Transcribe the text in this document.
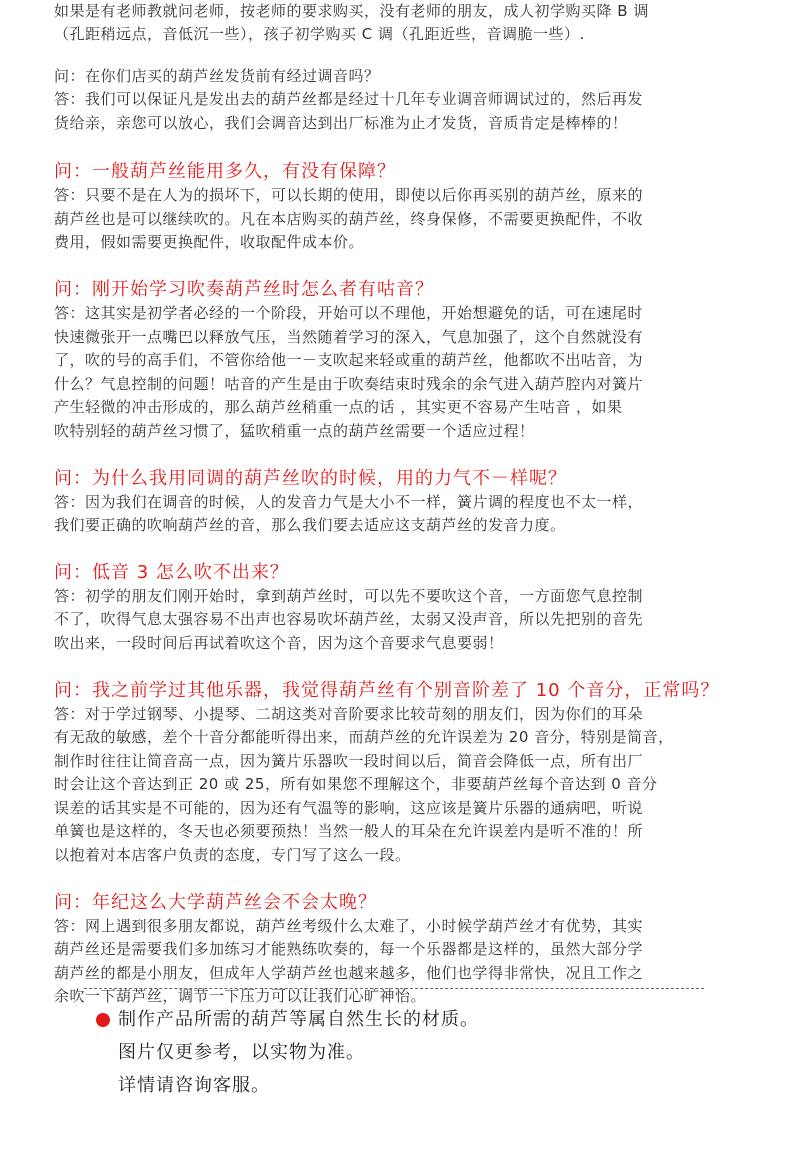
如果是有老师教就问老师，按老师的要求购买，没有老师的朋友，成人初学购买降 B 调
（孔距稍远点，音低沉一些），孩子初学购买 C 调（孔距近些，音调脆一些）.
问：在你们店买的葫芦丝发货前有经过调音吗？
答：我们可以保证凡是发出去的葫芦丝都是经过十几年专业调音师调试过的，然后再发
货给亲，亲您可以放心，我们会调音达到出厂标准为止才发货，音质肯定是棒棒的！
问：一般葫芦丝能用多久，有没有保障？
答：只要不是在人为的损坏下，可以长期的使用，即使以后你再买别的葫芦丝，原来的
葫芦丝也是可以继续吹的。凡在本店购买的葫芦丝，终身保修，不需要更换配件，不收
费用，假如需要更换配件，收取配件成本价。
问：刚开始学习吹奏葫芦丝时怎么者有咕音？
答：这其实是初学者必经的一个阶段，开始可以不理他，开始想避免的话，可在速尾时
快速微张开一点嘴巴以释放气压，当然随着学习的深入，气息加强了，这个自然就没有
了，吹的号的高手们，不管你给他一－支吹起来轻或重的葫芦丝，他都吹不出咕音，为
什么？气息控制的问题！咕音的产生是由于吹奏结束时残余的余气进入葫芦腔内对簧片
产生轻微的冲击形成的，那么葫芦丝稍重一点的话 ，其实更不容易产生咕音 ，如果
吹特别轻的葫芦丝习惯了，猛吹稍重一点的葫芦丝需要一个适应过程！
问：为什么我用同调的葫芦丝吹的时候，用的力气不－样呢？
答：因为我们在调音的时候，人的发音力气是大小不一样，簧片调的程度也不太一样，
我们要正确的吹响葫芦丝的音，那么我们要去适应这支葫芦丝的发音力度。
问：低音 3 怎么吹不出来？
答：初学的朋友们刚开始时，拿到葫芦丝时，可以先不要吹这个音，一方面您气息控制
不了，吹得气息太强容易不出声也容易吹坏葫芦丝，太弱又没声音，所以先把别的音先
吹出来，一段时间后再试着吹这个音，因为这个音要求气息要弱！
问：我之前学过其他乐器，我觉得葫芦丝有个别音阶差了 10 个音分，正常吗？
答：对于学过钢琴、小提琴、二胡这类对音阶要求比较苛刻的朋友们，因为你们的耳朵
有无敌的敏感，差个十音分都能听得出来，而葫芦丝的允许误差为 20 音分，特别是简音，
制作时往往让简音高一点，因为簧片乐器吹一段时间以后，简音会降低一点，所有出厂
时会让这个音达到正 20 或 25，所有如果您不理解这个，非要葫芦丝每个音达到 0 音分
误差的话其实是不可能的，因为还有气温等的影响，这应该是簧片乐器的通病吧，听说
单簧也是这样的，冬天也必须要预热！当然一般人的耳朵在允许误差内是听不准的！所
以抱着对本店客户负责的态度，专门写了这么一段。
问：年纪这么大学葫芦丝会不会太晚？
答：网上遇到很多朋友都说，葫芦丝考级什么太难了，小时候学葫芦丝才有优势，其实
葫芦丝还是需要我们多加练习才能熟练吹奏的，每一个乐器都是这样的，虽然大部分学
葫芦丝的都是小朋友，但成年人学葫芦丝也越来越多，他们也学得非常快，况且工作之
余吹一下葫芦丝，调节一下压力可以让我们心旷神怡。
制作产品所需的葫芦等属自然生长的材质。
图片仅更参考，以实物为准。
详情请咨询客服。
